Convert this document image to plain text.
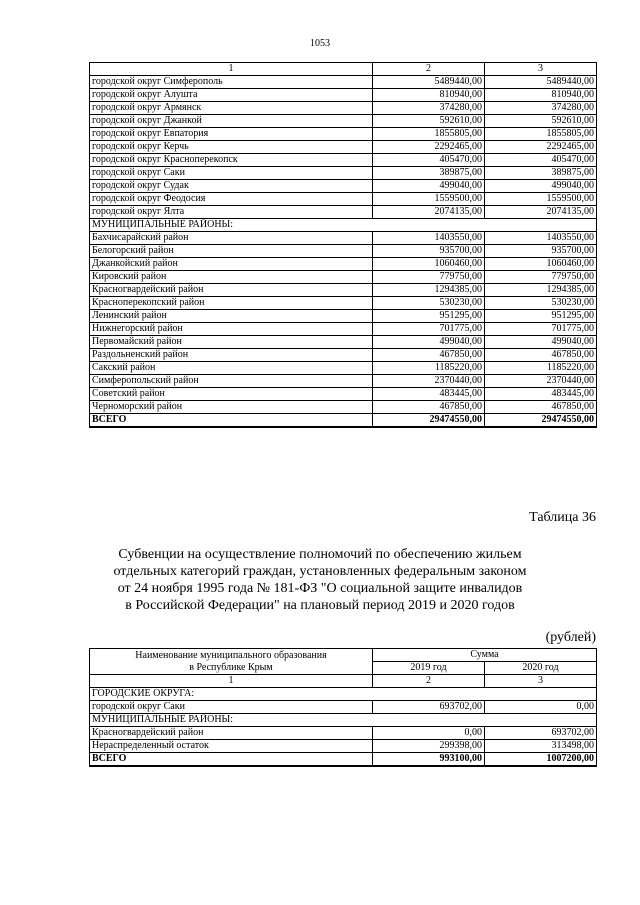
1053
1	2	3
городской округ Симферополь	5489440,00	5489440,00
городской округ Алушта	810940,00	810940,00
городской округ Армянск	374280,00	374280,00
городской округ Джанкой	592610,00	592610,00
городской округ Евпатория	1855805,00	1855805,00
городской округ Керчь	2292465,00	2292465,00
городской округ Красноперекопск	405470,00	405470,00
городской округ Саки	389875,00	389875,00
городской округ Судак	499040,00	499040,00
городской округ Феодосия	1559500,00	1559500,00
городской округ Ялта	2074135,00	2074135,00
МУНИЦИПАЛЬНЫЕ РАЙОНЫ:		
Бахчисарайский район	1403550,00	1403550,00
Белогорский район	935700,00	935700,00
Джанкойский район	1060460,00	1060460,00
Кировский район	779750,00	779750,00
Красногвардейский район	1294385,00	1294385,00
Красноперекопский район	530230,00	530230,00
Ленинский район	951295,00	951295,00
Нижнегорский район	701775,00	701775,00
Первомайский район	499040,00	499040,00
Раздольненский район	467850,00	467850,00
Сакский район	1185220,00	1185220,00
Симферопольский район	2370440,00	2370440,00
Советский район	483445,00	483445,00
Черноморский район	467850,00	467850,00
ВСЕГО	29474550,00	29474550,00
Таблица 36
Субвенции на осуществление полномочий по обеспечению жильем
отдельных категорий граждан, установленных федеральным законом
от 24 ноября 1995 года № 181-ФЗ "О социальной защите инвалидов
в Российской Федерации" на плановый период 2019 и 2020 годов
(рублей)
Наименование муниципального образования
в Республике Крым	Сумма	
	2019 год	2020 год
1	2	3
ГОРОДСКИЕ ОКРУГА:		
городской округ Саки	693702,00	0,00
МУНИЦИПАЛЬНЫЕ РАЙОНЫ:		
Красногвардейский район	0,00	693702,00
Нераспределенный остаток	299398,00	313498,00
ВСЕГО	993100,00	1007200,00
